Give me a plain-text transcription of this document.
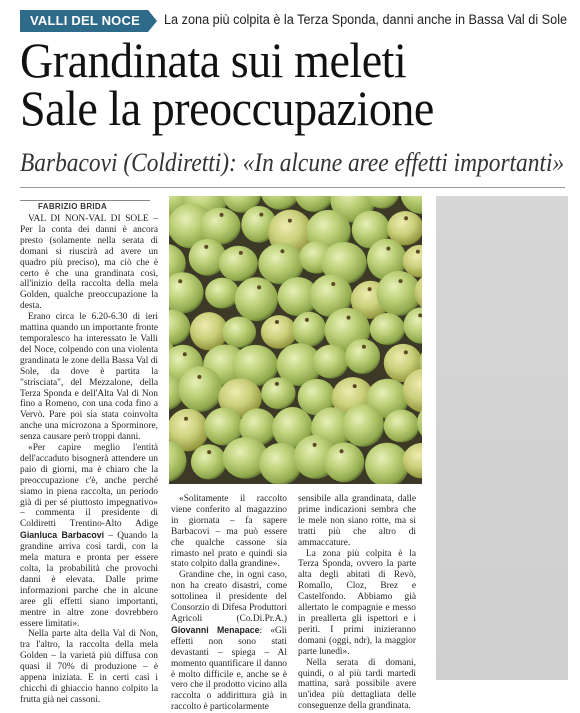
VALLI DEL NOCE	La zona più colpita è la Terza Sponda, danni anche in Bassa Val di Sole
Grandinata sui meleti
Sale la preoccupazione
Barbacovi (Coldiretti): «In alcune aree effetti importanti»
FABRIZIO BRIDA

VAL DI NON-VAL DI SOLE – Per la conta dei danni è ancora presto (solamente nella serata di domani si riuscirà ad avere un quadro più preciso), ma ciò che è certo è che una grandinata così, all'inizio della raccolta della mela Golden, qualche preoccupazione la desta.

Erano circa le 6.20-6.30 di ieri mattina quando un importante fronte temporalesco ha interessato le Valli del Noce, colpendo con una violenta grandinata le zone della Bassa Val di Sole, da dove è partita la "strisciata", del Mezzalone, della Terza Sponda e dell'Alta Val di Non fino a Romeno, con una coda fino a Vervò. Pare poi sia stata coinvolta anche una microzona a Sporminore, senza causare però troppi danni.

«Per capire meglio l'entità dell'accaduto bisognerà attendere un paio di giorni, ma è chiaro che la preoccupazione c'è, anche perché siamo in piena raccolta, un periodo già di per sé piuttosto impegnativo» – commenta il presidente di Coldiretti Trentino-Alto Adige Gianluca Barbacovi – Quando la grandine arriva così tardi, con la mela matura e pronta per essere colta, la probabilità che provochi danni è elevata. Dalle prime informazioni parche che in alcune aree gli effetti siano importanti, mentre in altre zone dovrebbero essere limitati».

Nella parte alta della Val di Non, tra l'altro, la raccolta della mela Golden – la varietà più diffusa con quasi il 70% di produzione – è appena iniziata. E in certi casi i chicchi di ghiaccio hanno colpito la frutta già nei cassoni.

«Solitamente il raccolto viene conferito al magazzino in giornata – fa sapere Barbacovi – ma può essere che qualche cassone sia rimasto nel prato e quindi sia stato colpito dalla grandine».

Grandine che, in ogni caso, non ha creato disastri, come sottolinea il presidente del Consorzio di Difesa Produttori Agricoli (Co.Di.Pr.A.) Giovanni Menapace: «Gli effetti non sono stati devastanti – spiega – Al momento quantificare il danno è molto difficile e, anche se è vero che il prodotto vicino alla raccolta o addirittura già in raccolto è particolarmente

sensibile alla grandinata, dalle prime indicazioni sembra che le mele non siano rotte, ma si tratti più che altro di ammaccature.

La zona più colpita è la Terza Sponda, ovvero la parte alta degli abitati di Revò, Romallo, Cloz, Brez e Castelfondo. Abbiamo già allertato le compagnie e messo in preallerta gli ispettori e i periti. I primi inizieranno domani (oggi, ndr), la maggior parte lunedì».

Nella serata di domani, quindi, o al più tardi martedì mattina, sarà possibile avere un'idea più dettagliata delle conseguenze della grandinata.
